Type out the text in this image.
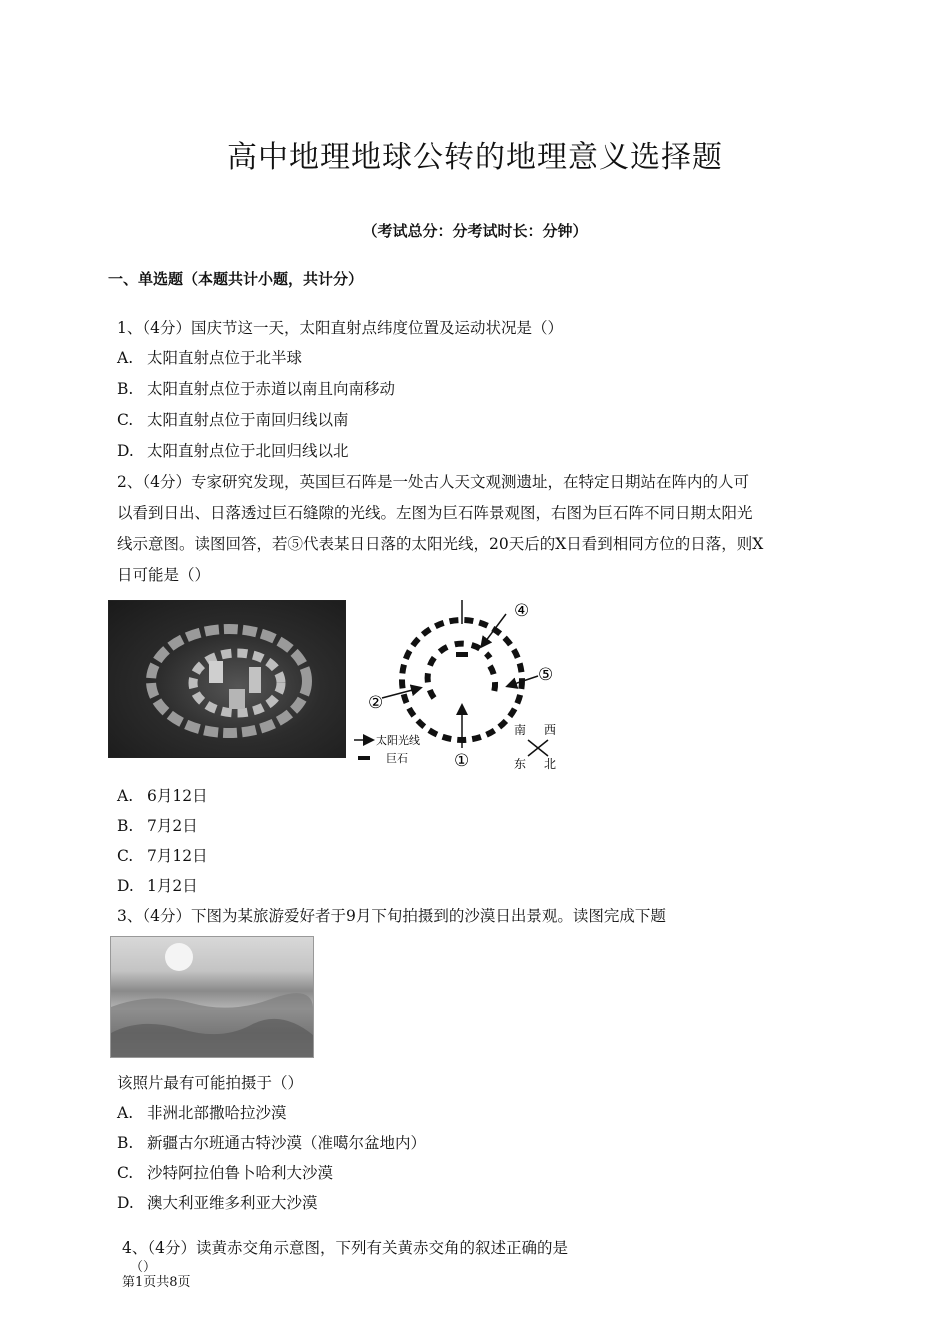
高中地理地球公转的地理意义选择题
（考试总分：分考试时长：分钟）
一、单选题（本题共计小题，共计分）
1、（4分）国庆节这一天，太阳直射点纬度位置及运动状况是（）
A. 太阳直射点位于北半球
B. 太阳直射点位于赤道以南且向南移动
C. 太阳直射点位于南回归线以南
D. 太阳直射点位于北回归线以北
2、（4分）专家研究发现，英国巨石阵是一处古人天文观测遗址，在特定日期站在阵内的人可
以看到日出、日落透过巨石缝隙的光线。左图为巨石阵景观图，右图为巨石阵不同日期太阳光
线示意图。读图回答，若⑤代表某日日落的太阳光线，20天后的X日看到相同方位的日落，则X
日可能是（）
④
⑤
②
①
太阳光线
巨石
南 西
东 北
A. 6月12日
B. 7月2日
C. 7月12日
D. 1月2日
3、（4分）下图为某旅游爱好者于9月下旬拍摄到的沙漠日出景观。读图完成下题
该照片最有可能拍摄于（）
A. 非洲北部撒哈拉沙漠
B. 新疆古尔班通古特沙漠（准噶尔盆地内）
C. 沙特阿拉伯鲁卜哈利大沙漠
D. 澳大利亚维多利亚大沙漠
4、（4分）读黄赤交角示意图，下列有关黄赤交角的叙述正确的是
（）
第1页共8页
